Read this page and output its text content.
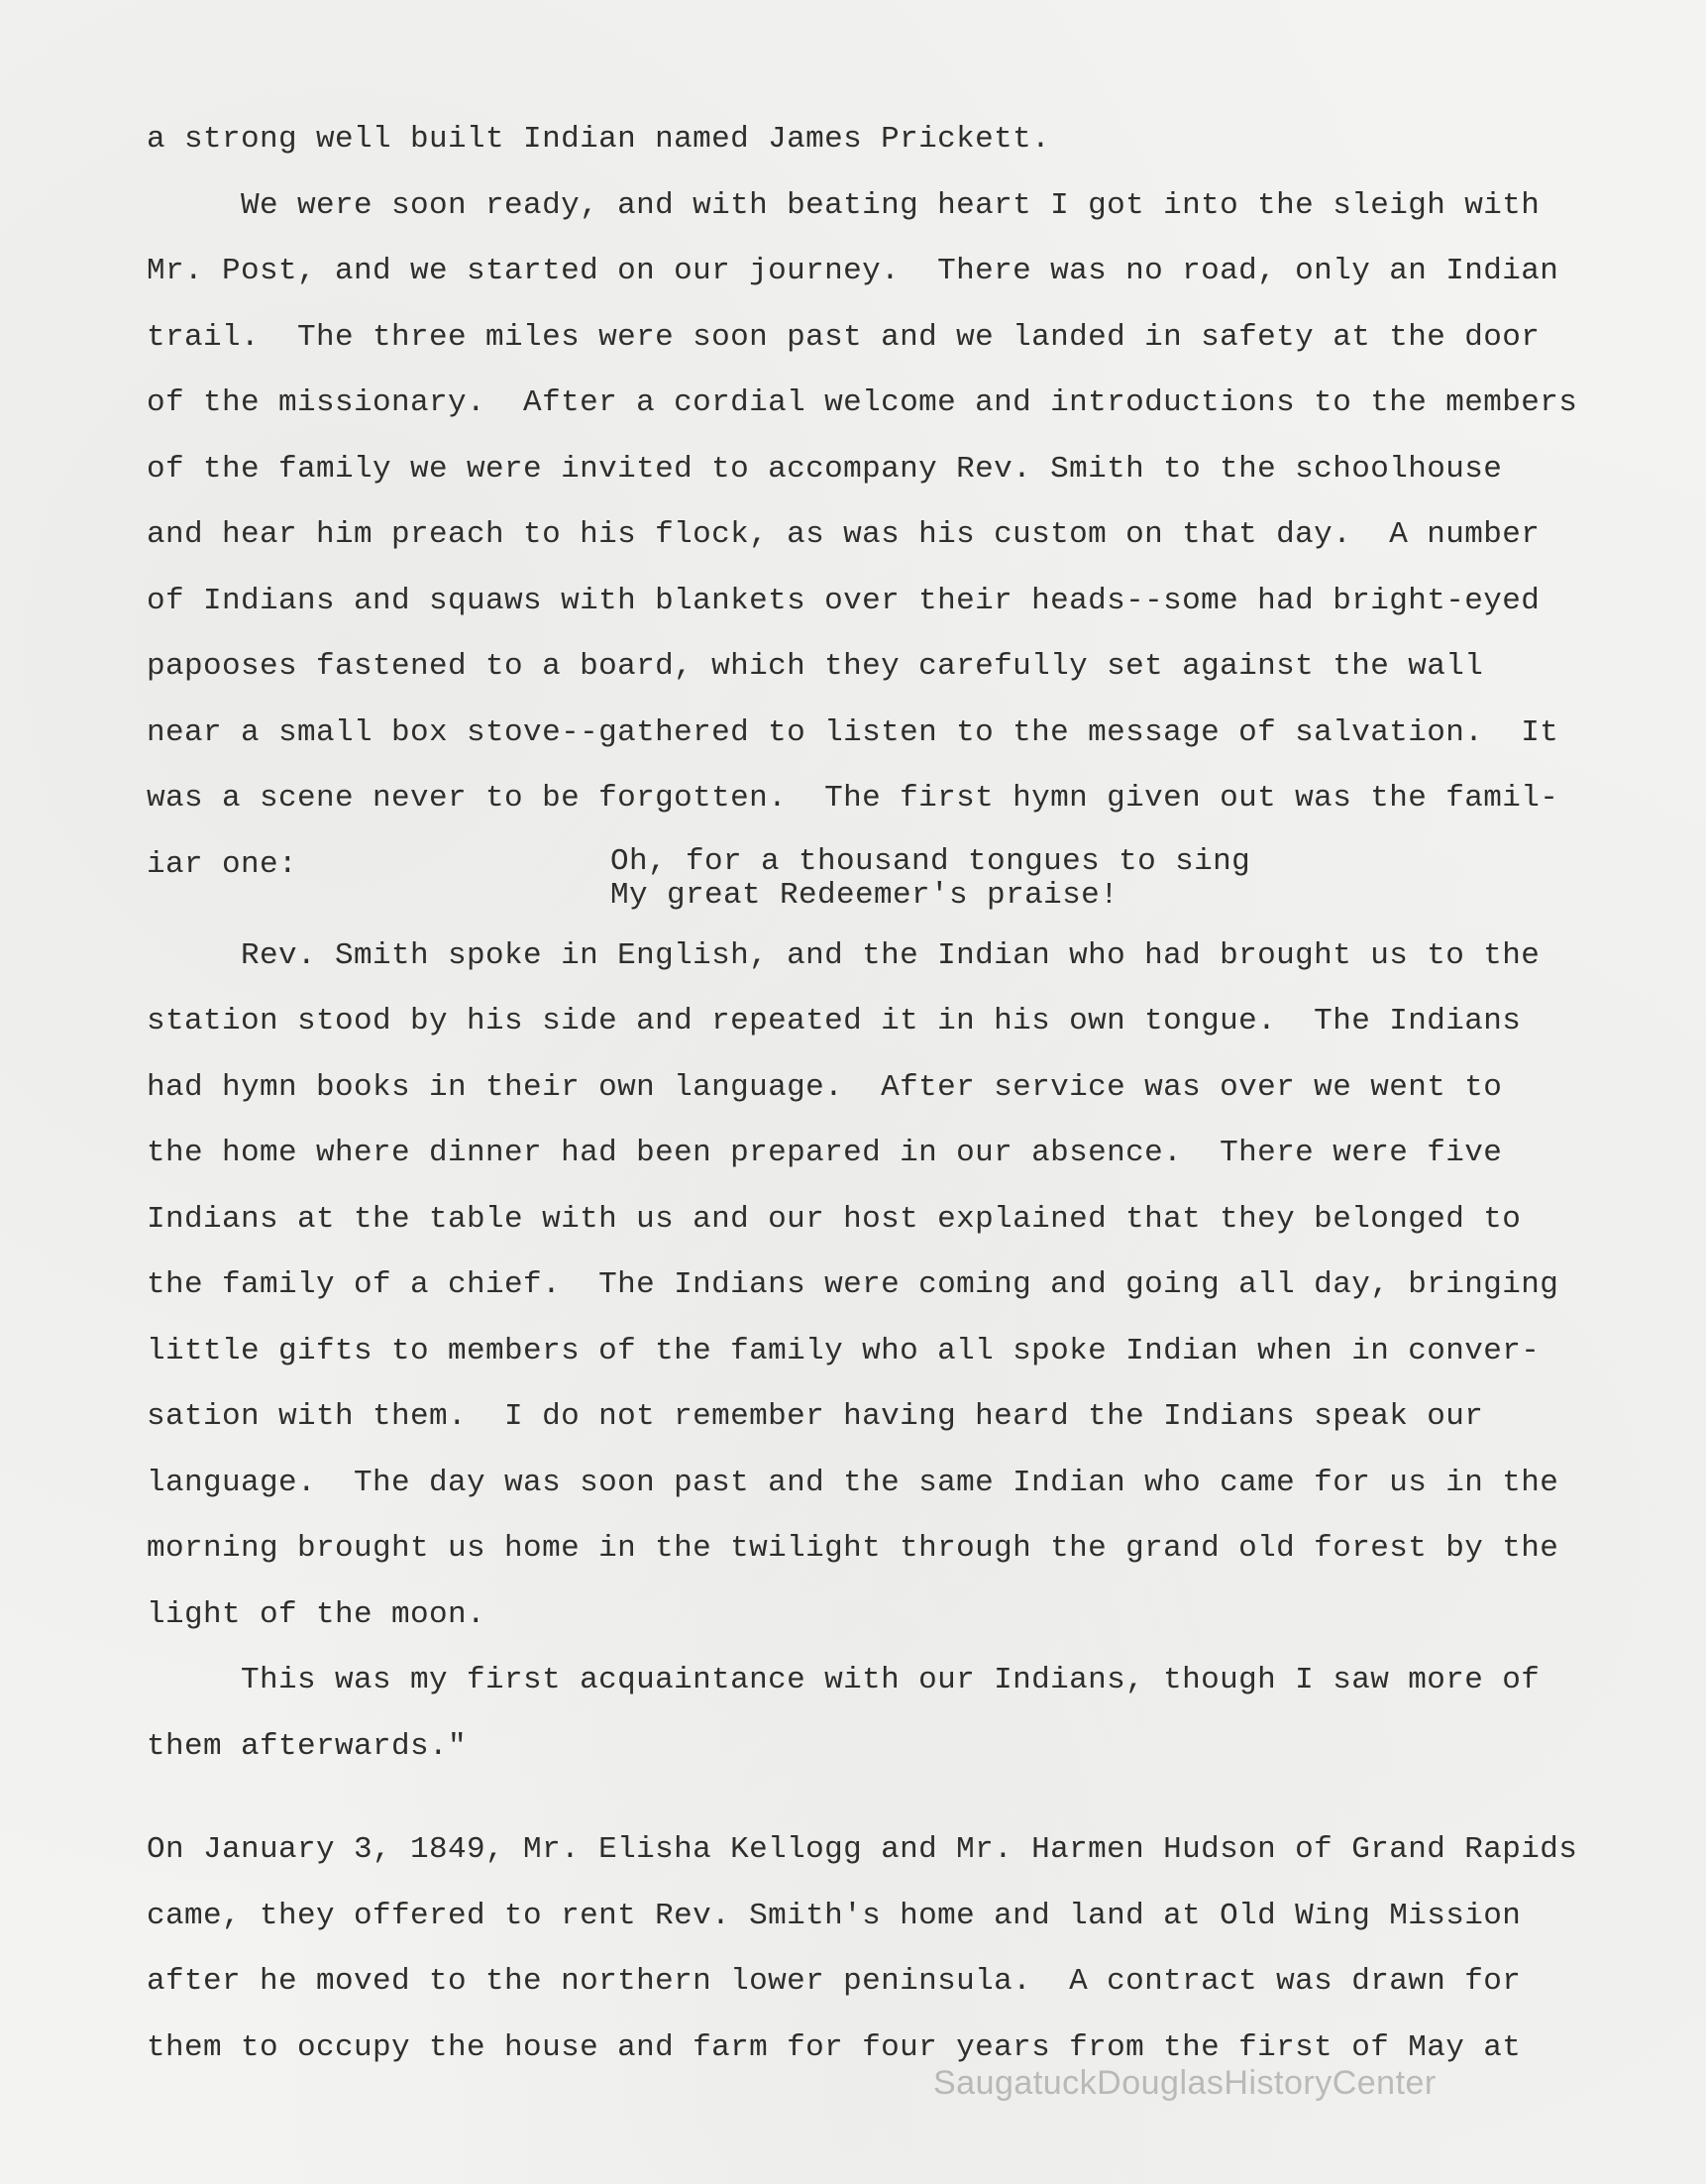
a strong well built Indian named James Prickett.
We were soon ready, and with beating heart I got into the sleigh with
Mr. Post, and we started on our journey.  There was no road, only an Indian
trail.  The three miles were soon past and we landed in safety at the door
of the missionary.  After a cordial welcome and introductions to the members
of the family we were invited to accompany Rev. Smith to the schoolhouse
and hear him preach to his flock, as was his custom on that day.  A number
of Indians and squaws with blankets over their heads--some had bright-eyed
papooses fastened to a board, which they carefully set against the wall
near a small box stove--gathered to listen to the message of salvation.  It
was a scene never to be forgotten.  The first hymn given out was the famil-
iar one:	Oh, for a thousand tongues to sing
My great Redeemer's praise!
Rev. Smith spoke in English, and the Indian who had brought us to the
station stood by his side and repeated it in his own tongue.  The Indians
had hymn books in their own language.  After service was over we went to
the home where dinner had been prepared in our absence.  There were five
Indians at the table with us and our host explained that they belonged to
the family of a chief.  The Indians were coming and going all day, bringing
little gifts to members of the family who all spoke Indian when in conver-
sation with them.  I do not remember having heard the Indians speak our
language.  The day was soon past and the same Indian who came for us in the
morning brought us home in the twilight through the grand old forest by the
light of the moon.
This was my first acquaintance with our Indians, though I saw more of
them afterwards."
On January 3, 1849, Mr. Elisha Kellogg and Mr. Harmen Hudson of Grand Rapids
came, they offered to rent Rev. Smith's home and land at Old Wing Mission
after he moved to the northern lower peninsula.  A contract was drawn for
them to occupy the house and farm for four years from the first of May at
SaugatuckDouglasHistoryCenter
